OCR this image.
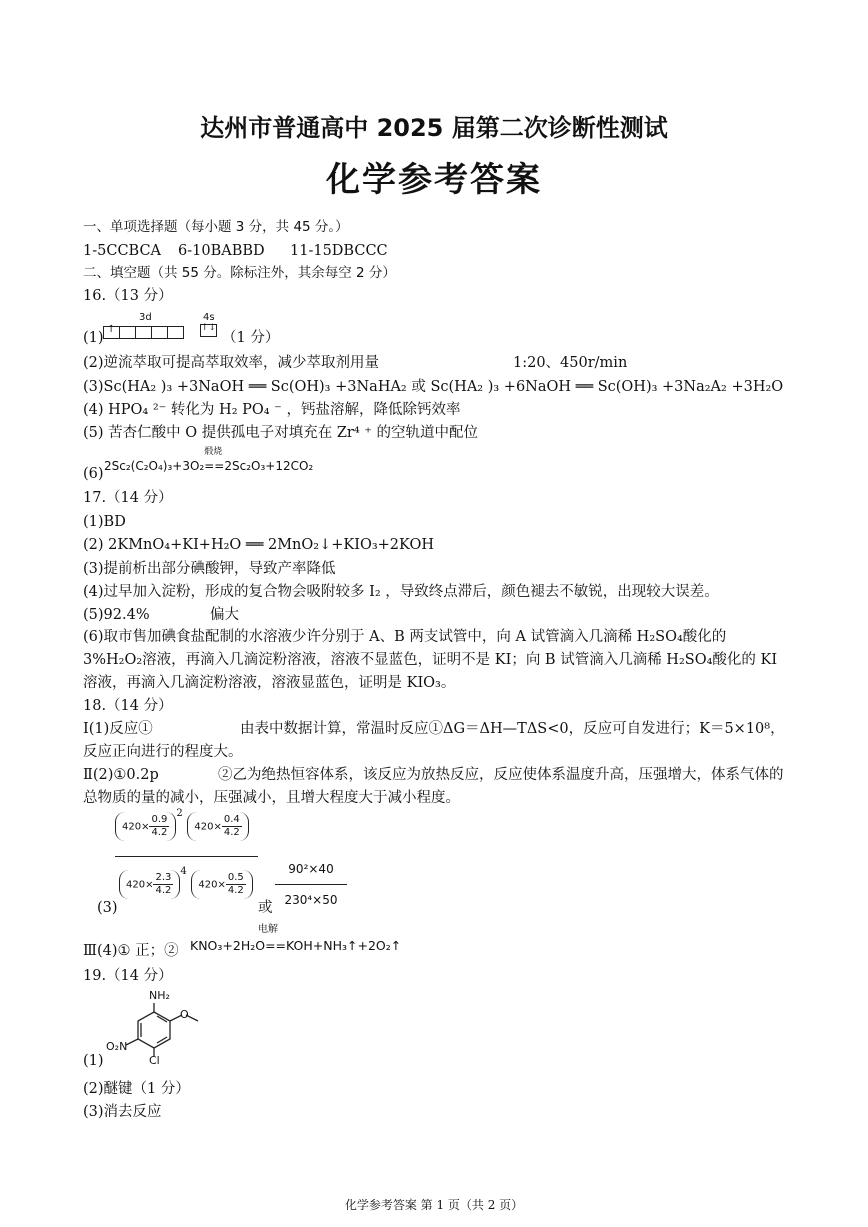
达州市普通高中 2025 届第二次诊断性测试
化学参考答案
一、单项选择题（每小题 3 分，共 45 分。）
1-5CCBCA 6-10BABBD 11-15DBCCC
二、填空题（共 55 分。除标注外，其余每空 2 分）
16.（13 分）
(1)
3d	4s
↑	↑↓
（1 分）
(2)逆流萃取可提高萃取效率，减少萃取剂用量	1:20、450r/min
(3)Sc(HA₂ )₃ +3NaOH ══ Sc(OH)₃ +3NaHA₂ 或 Sc(HA₂ )₃ +6NaOH ══ Sc(OH)₃ +3Na₂A₂ +3H₂O
(4) HPO₄ ²⁻ 转化为 H₂ PO₄ ⁻ ，钙盐溶解，降低除钙效率
(5) 苦杏仁酸中 O 提供孤电子对填充在 Zr⁴ ⁺ 的空轨道中配位
(6) 2Sc₂(C₂O₄)₃+3O₂
煅烧
==2Sc₂O₃+12CO₂
17.（14 分）
(1)BD
(2) 2KMnO₄+KI+H₂O ══ 2MnO₂↓+KIO₃+2KOH
(3)提前析出部分碘酸钾，导致产率降低
(4)过早加入淀粉，形成的复合物会吸附较多 I₂ ，导致终点滞后，颜色褪去不敏锐，出现较大误差。
(5)92.4%	偏大
(6)取市售加碘食盐配制的水溶液少许分别于 A、B 两支试管中，向 A 试管滴入几滴稀 H₂SO₄酸化的 3%H₂O₂溶液，再滴入几滴淀粉溶液，溶液不显蓝色，证明不是 KI；向 B 试管滴入几滴稀 H₂SO₄酸化的 KI 溶液，再滴入几滴淀粉溶液，溶液显蓝色，证明是 KIO₃。
18.（14 分）
Ⅰ(1)反应①	由表中数据计算，常温时反应①ΔG＝ΔH—TΔS<0，反应可自发进行；K＝5×10⁸，
反应正向进行的程度大。
Ⅱ(2)①0.2p	②乙为绝热恒容体系，该反应为放热反应，反应使体系温度升高，压强增大，体系气体的总物质的量的减小，压强减小，且增大程度大于减小程度。
$420\times \frac{0.9}{4.2}$
$^2$ $420\times \frac{0.4}{4.2}$
$420\times \frac{2.3}{4.2}$
$^4$ $420\times \frac{0.5}{4.2}$
(3)	或
$\frac{\text{90²×40}}{\text{230⁴×50}}$
Ⅲ(4)① 正；②
电解
KNO₃+2H₂O==KOH+NH₃↑+2O₂↑
19.（14 分）
NH₂
O
O₂N
Cl
(1)
(2)醚键（1 分）
(3)消去反应
化学参考答案 第 1 页（共 2 页）
